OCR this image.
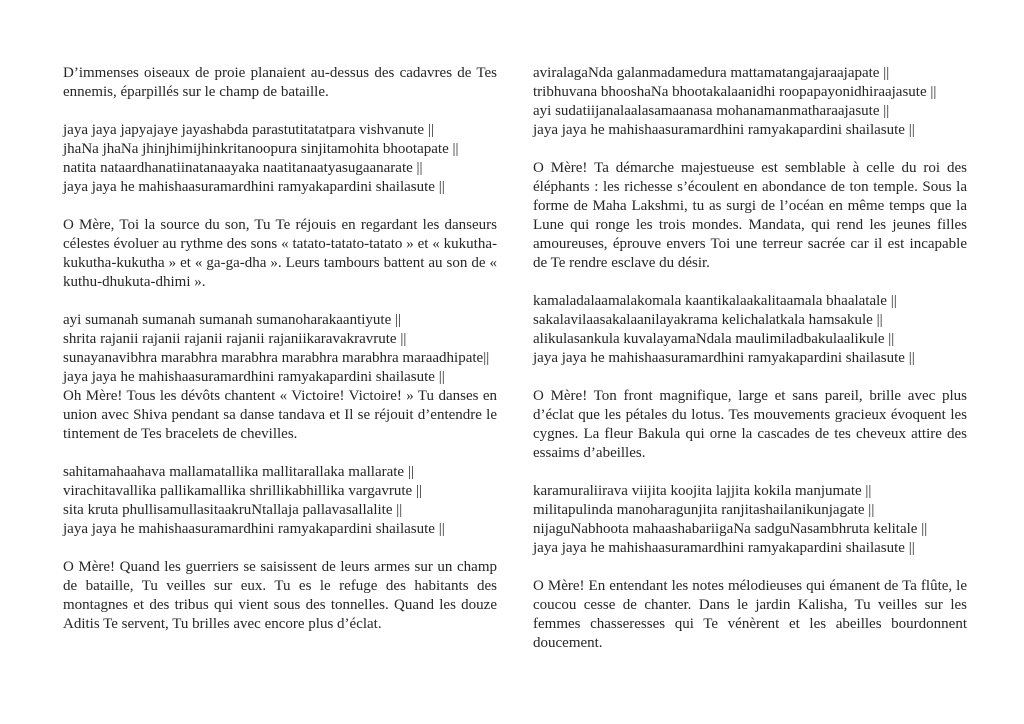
D’immenses oiseaux de proie planaient au-dessus des cadavres de Tes ennemis, éparpillés sur le champ de bataille.
jaya jaya japyajaye jayashabda parastutitatatpara vishvanute ||
jhaNa jhaNa jhinjhimijhinkritanoopura sinjitamohita bhootapate ||
natita nataardhanatiinatanaayaka naatitanaatyasugaanarate ||
jaya jaya he mahishaasuramardhini ramyakapardini shailasute ||
O Mère, Toi la source du son, Tu Te réjouis en regardant les danseurs célestes évoluer au rythme des sons « tatato-tatato-tatato » et « kukutha-kukutha-kukutha » et « ga-ga-dha ». Leurs tambours battent au son de « kuthu-dhukuta-dhimi ».
ayi sumanah sumanah sumanah sumanoharakaantiyute ||
shrita rajanii rajanii rajanii rajanii rajaniikaravakravrute ||
sunayanavibhra marabhra marabhra marabhra marabhra maraadhipate||
jaya jaya he mahishaasuramardhini ramyakapardini shailasute ||
Oh Mère! Tous les dévôts chantent « Victoire! Victoire! » Tu danses en union avec Shiva pendant sa danse tandava et Il se réjouit d’entendre le tintement de Tes bracelets de chevilles.
sahitamahaahava mallamatallika mallitarallaka mallarate ||
virachitavallika pallikamallika shrillikabhillika vargavrute ||
sita kruta phullisamullasitaakruNtallaja pallavasallalite ||
jaya jaya he mahishaasuramardhini ramyakapardini shailasute ||
O Mère! Quand les guerriers se saisissent de leurs armes sur un champ de bataille, Tu veilles sur eux. Tu es le refuge des habitants des montagnes et des tribus qui vient sous des tonnelles. Quand les douze Aditis Te servent, Tu brilles avec encore plus d’éclat.
aviralagaNda galanmadamedura mattamatangajaraajapate ||
tribhuvana bhooshaNa bhootakalaanidhi roopapayonidhiraajasute ||
ayi sudatiijanalaalasamaanasa mohanamanmatharaajasute ||
jaya jaya he mahishaasuramardhini ramyakapardini shailasute ||
O Mère! Ta démarche majestueuse est semblable à celle du roi des éléphants : les richesse s’écoulent en abondance de ton temple. Sous la forme de Maha Lakshmi, tu as surgi de l’océan en même temps que la Lune qui ronge les trois mondes. Mandata, qui rend les jeunes filles amoureuses, éprouve envers Toi une terreur sacrée car il est incapable de Te rendre esclave du désir.
kamaladalaamalakomala kaantikalaakalitaamala bhaalatale ||
sakalavilaasakalaanilayakrama kelichalatkala hamsakule ||
alikulasankula kuvalayamaNdala maulimiladbakulaalikule ||
jaya jaya he mahishaasuramardhini ramyakapardini shailasute ||
O Mère! Ton front magnifique, large et sans pareil, brille avec plus d’éclat que les pétales du lotus. Tes mouvements gracieux évoquent les cygnes. La fleur Bakula qui orne la cascades de tes cheveux attire des essaims d’abeilles.
karamuraliirava viijita koojita lajjita kokila manjumate ||
militapulinda manoharagunjita ranjitashailanikunjagate ||
nijaguNabhoota mahaashabariigaNa sadguNasambhruta kelitale ||
jaya jaya he mahishaasuramardhini ramyakapardini shailasute ||
O Mère! En entendant les notes mélodieuses qui émanent de Ta flûte, le coucou cesse de chanter. Dans le jardin Kalisha, Tu veilles sur les femmes chasseresses qui Te vénèrent et les abeilles bourdonnent doucement.
